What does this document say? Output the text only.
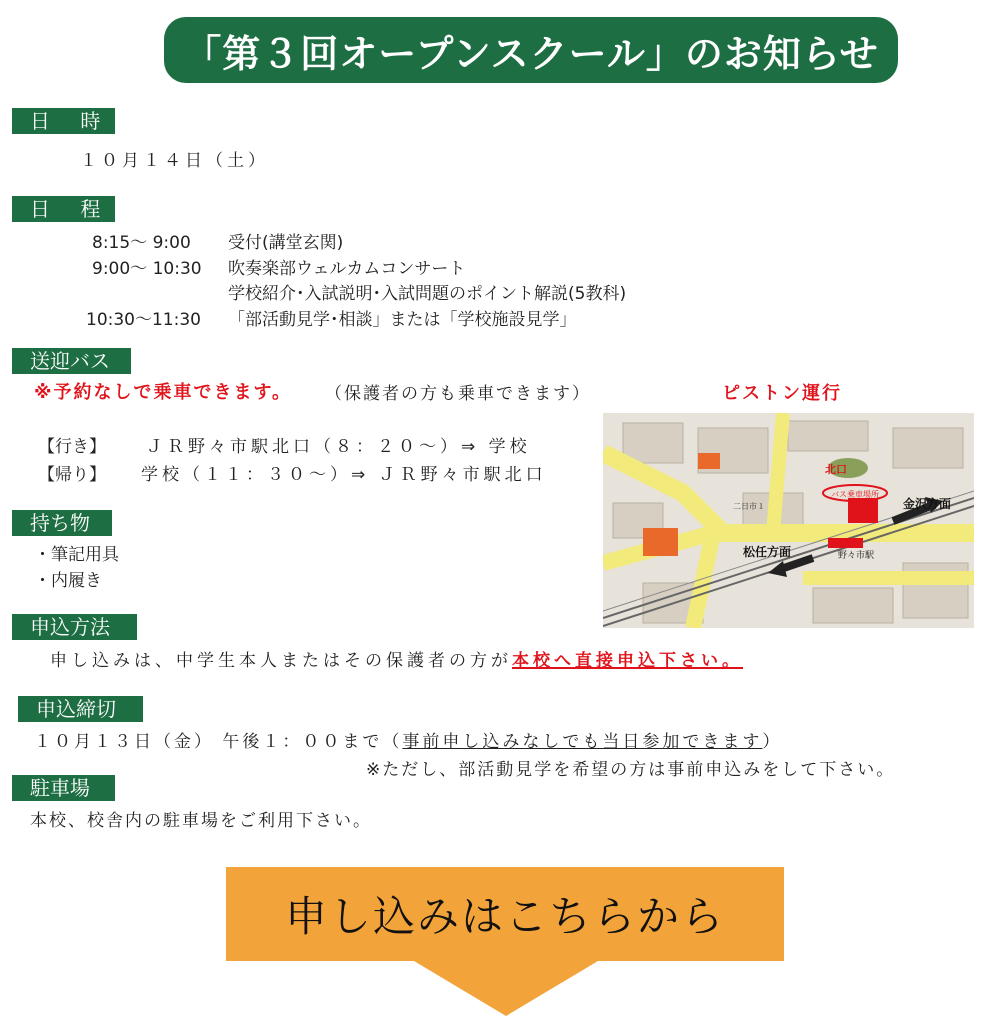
「第３回オープンスクール」のお知らせ
日 時
１０月１４日（土）
日 程
8:15〜 9:00 受付(講堂玄関)
9:00〜 10:30 吹奏楽部ウェルカムコンサート
学校紹介･入試説明･入試問題のポイント解説(5教科)
10:30〜11:30 「部活動見学･相談」または「学校施設見学」
送迎バス
※予約なしで乗車できます。 （保護者の方も乗車できます）	ピストン運行
【行き】 ＪＲ野々市駅北口（８：２０〜）⇒ 学校
【帰り】 学校（１１：３０〜）⇒ ＪＲ野々市駅北口	北口
バス乗車場所
金沢方面
松任方面	野々市駅
二日市１
持ち物
・筆記用具
・内履き
申込方法
申し込みは、中学生本人またはその保護者の方が本校へ直接申込下さい。
申込締切
１０月１３日（金） 午後１：００まで（事前申し込みなしでも当日参加できます）
※ただし、部活動見学を希望の方は事前申込みをして下さい。
駐車場
本校、校舎内の駐車場をご利用下さい。
申し込みはこちらから
